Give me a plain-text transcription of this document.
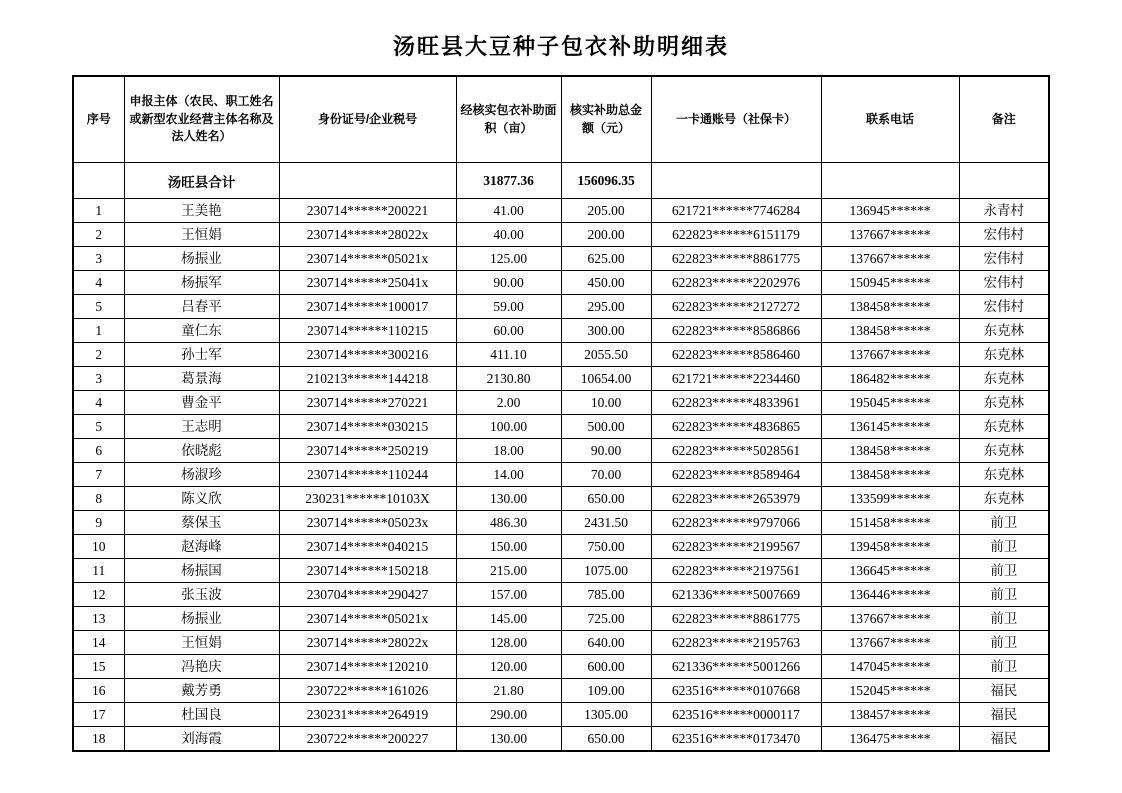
汤旺县大豆种子包衣补助明细表
序号	申报主体（农民、职工姓名或新型农业经营主体名称及法人姓名）	身份证号/企业税号	经核实包衣补助面积（亩）	核实补助总金额（元）	一卡通账号（社保卡）	联系电话	备注
	汤旺县合计		31877.36	156096.35			
1	王美艳	230714******200221	41.00	205.00	621721******7746284	136945******	永青村
2	王恒娟	230714******28022x	40.00	200.00	622823******6151179	137667******	宏伟村
3	杨振业	230714******05021x	125.00	625.00	622823******8861775	137667******	宏伟村
4	杨振军	230714******25041x	90.00	450.00	622823******2202976	150945******	宏伟村
5	吕春平	230714******100017	59.00	295.00	622823******2127272	138458******	宏伟村
1	童仁东	230714******110215	60.00	300.00	622823******8586866	138458******	东克林
2	孙士军	230714******300216	411.10	2055.50	622823******8586460	137667******	东克林
3	葛景海	210213******144218	2130.80	10654.00	621721******2234460	186482******	东克林
4	曹金平	230714******270221	2.00	10.00	622823******4833961	195045******	东克林
5	王志明	230714******030215	100.00	500.00	622823******4836865	136145******	东克林
6	依晓彪	230714******250219	18.00	90.00	622823******5028561	138458******	东克林
7	杨淑珍	230714******110244	14.00	70.00	622823******8589464	138458******	东克林
8	陈义欣	230231******10103X	130.00	650.00	622823******2653979	133599******	东克林
9	蔡保玉	230714******05023x	486.30	2431.50	622823******9797066	151458******	前卫
10	赵海峰	230714******040215	150.00	750.00	622823******2199567	139458******	前卫
11	杨振国	230714******150218	215.00	1075.00	622823******2197561	136645******	前卫
12	张玉波	230704******290427	157.00	785.00	621336******5007669	136446******	前卫
13	杨振业	230714******05021x	145.00	725.00	622823******8861775	137667******	前卫
14	王恒娟	230714******28022x	128.00	640.00	622823******2195763	137667******	前卫
15	冯艳庆	230714******120210	120.00	600.00	621336******5001266	147045******	前卫
16	戴芳勇	230722******161026	21.80	109.00	623516******0107668	152045******	福民
17	杜国良	230231******264919	290.00	1305.00	623516******0000117	138457******	福民
18	刘海霞	230722******200227	130.00	650.00	623516******0173470	136475******	福民
